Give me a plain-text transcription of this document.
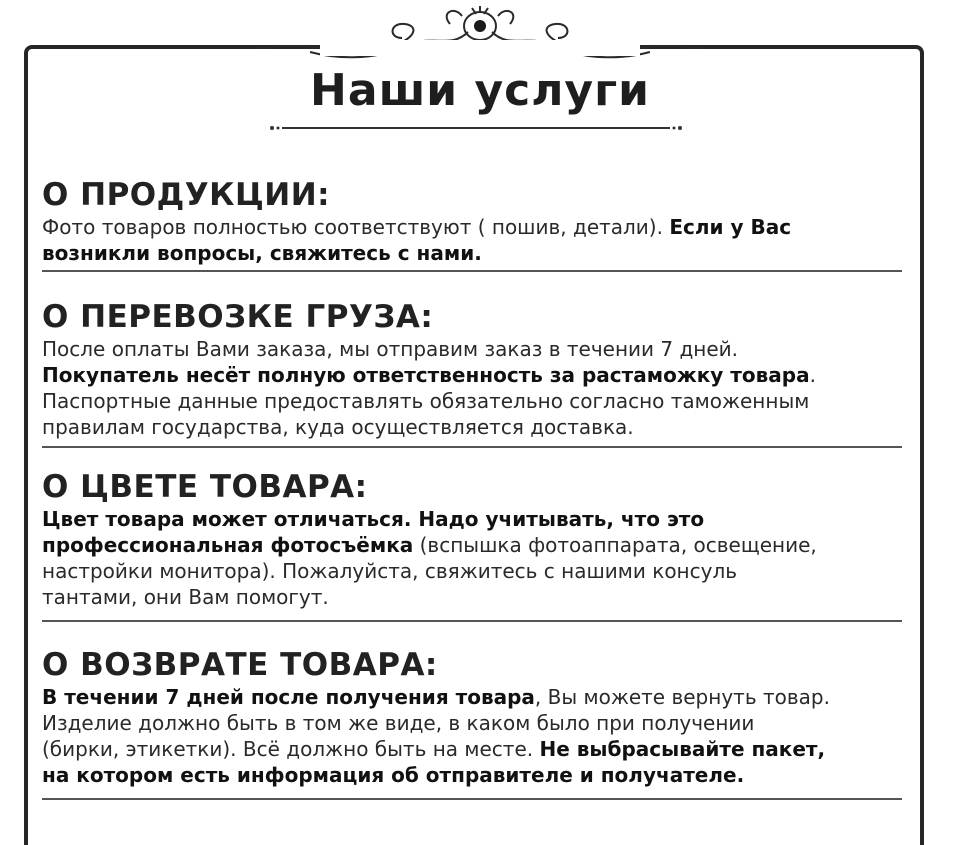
Наши услуги
О ПРОДУКЦИИ:

Фото товаров полностью соответствуют ( пошив, детали). Если у Вас

возникли вопросы, свяжитесь с нами.

О ПЕРЕВОЗКЕ ГРУЗА:

После оплаты Вами заказа, мы отправим заказ в течении 7 дней.

Покупатель несёт полную ответственность за растаможку товара.

Паспортные данные предоставлять обязательно согласно таможенным

правилам государства, куда осуществляется доставка.

О ЦВЕТЕ ТОВАРА:

Цвет товара может отличаться. Надо учитывать, что это

профессиональная фотосъёмка (вспышка фотоаппарата, освещение,

настройки монитора). Пожалуйста, свяжитесь с нашими консуль

тантами, они Вам помогут.

О ВОЗВРАТЕ ТОВАРА:

В течении 7 дней после получения товара, Вы можете вернуть товар.

Изделие должно быть в том же виде, в каком было при получении

(бирки, этикетки). Всё должно быть на месте. Не выбрасывайте пакет,

на котором есть информация об отправителе и получателе.
